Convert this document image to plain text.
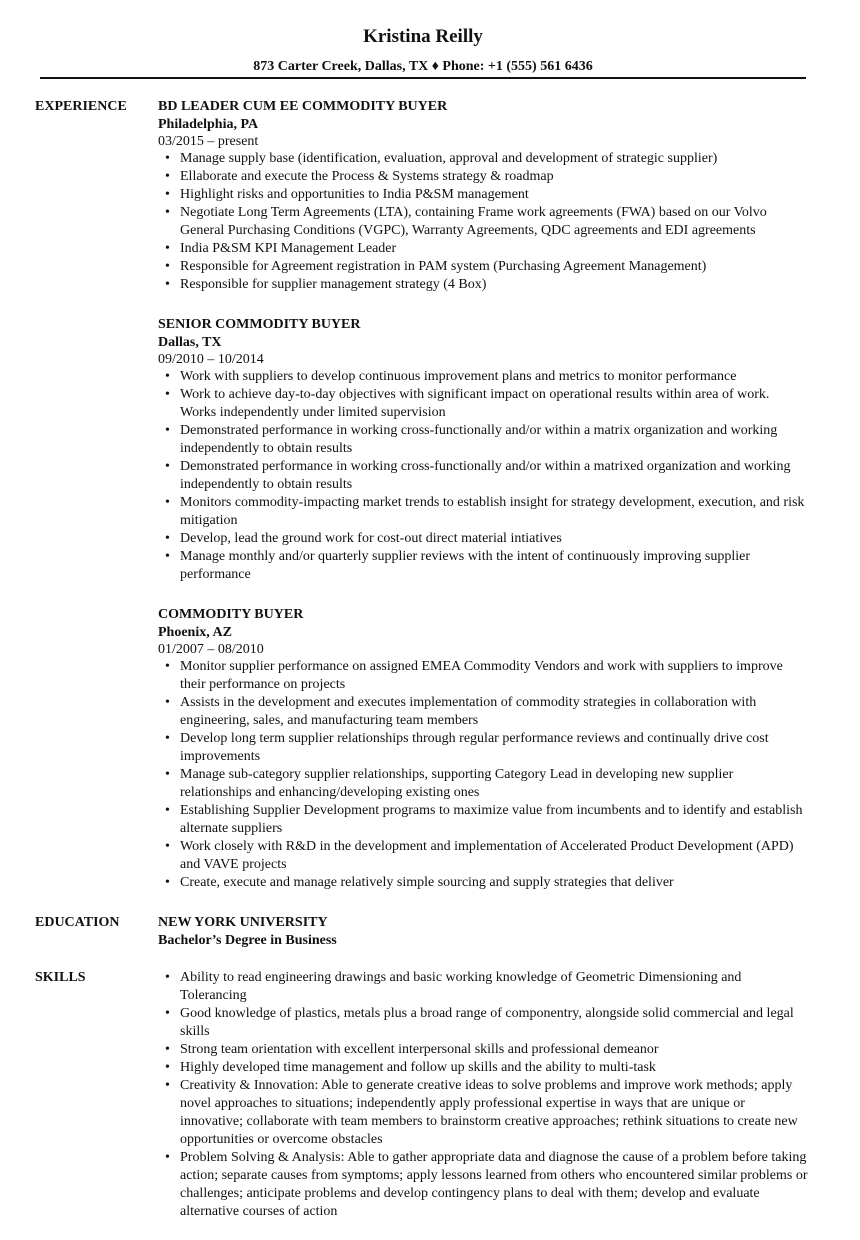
Kristina Reilly
873 Carter Creek, Dallas, TX ♦ Phone: +1 (555) 561 6436
EXPERIENCE	BD LEADER CUM EE COMMODITY BUYER
Philadelphia, PA
03/2015 – present
• Manage supply base (identification, evaluation, approval and development of strategic supplier)
• Ellaborate and execute the Process & Systems strategy & roadmap
• Highlight risks and opportunities to India P&SM management
• Negotiate Long Term Agreements (LTA), containing Frame work agreements (FWA) based on our Volvo General Purchasing Conditions (VGPC), Warranty Agreements, QDC agreements and EDI agreements
• India P&SM KPI Management Leader
• Responsible for Agreement registration in PAM system (Purchasing Agreement Management)
• Responsible for supplier management strategy (4 Box)
SENIOR COMMODITY BUYER
Dallas, TX
09/2010 – 10/2014
• Work with suppliers to develop continuous improvement plans and metrics to monitor performance
• Work to achieve day-to-day objectives with significant impact on operational results within area of work. Works independently under limited supervision
• Demonstrated performance in working cross-functionally and/or within a matrix organization and working independently to obtain results
• Demonstrated performance in working cross-functionally and/or within a matrixed organization and working independently to obtain results
• Monitors commodity-impacting market trends to establish insight for strategy development, execution, and risk mitigation
• Develop, lead the ground work for cost-out direct material intiatives
• Manage monthly and/or quarterly supplier reviews with the intent of continuously improving supplier performance
COMMODITY BUYER
Phoenix, AZ
01/2007 – 08/2010
• Monitor supplier performance on assigned EMEA Commodity Vendors and work with suppliers to improve their performance on projects
• Assists in the development and executes implementation of commodity strategies in collaboration with engineering, sales, and manufacturing team members
• Develop long term supplier relationships through regular performance reviews and continually drive cost improvements
• Manage sub-category supplier relationships, supporting Category Lead in developing new supplier relationships and enhancing/developing existing ones
• Establishing Supplier Development programs to maximize value from incumbents and to identify and establish alternate suppliers
• Work closely with R&D in the development and implementation of Accelerated Product Development (APD) and VAVE projects
• Create, execute and manage relatively simple sourcing and supply strategies that deliver
EDUCATION	NEW YORK UNIVERSITY
Bachelor’s Degree in Business
SKILLS
•	Ability to read engineering drawings and basic working knowledge of Geometric Dimensioning and Tolerancing
• Good knowledge of plastics, metals plus a broad range of componentry, alongside solid commercial and legal skills
• Strong team orientation with excellent interpersonal skills and professional demeanor
• Highly developed time management and follow up skills and the ability to multi-task
• Creativity & Innovation: Able to generate creative ideas to solve problems and improve work methods; apply novel approaches to situations; independently apply professional expertise in ways that are unique or innovative; collaborate with team members to brainstorm creative approaches; rethink situations to create new opportunities or overcome obstacles
• Problem Solving & Analysis: Able to gather appropriate data and diagnose the cause of a problem before taking action; separate causes from symptoms; apply lessons learned from others who encountered similar problems or challenges; anticipate problems and develop contingency plans to deal with them; develop and evaluate alternative courses of action
